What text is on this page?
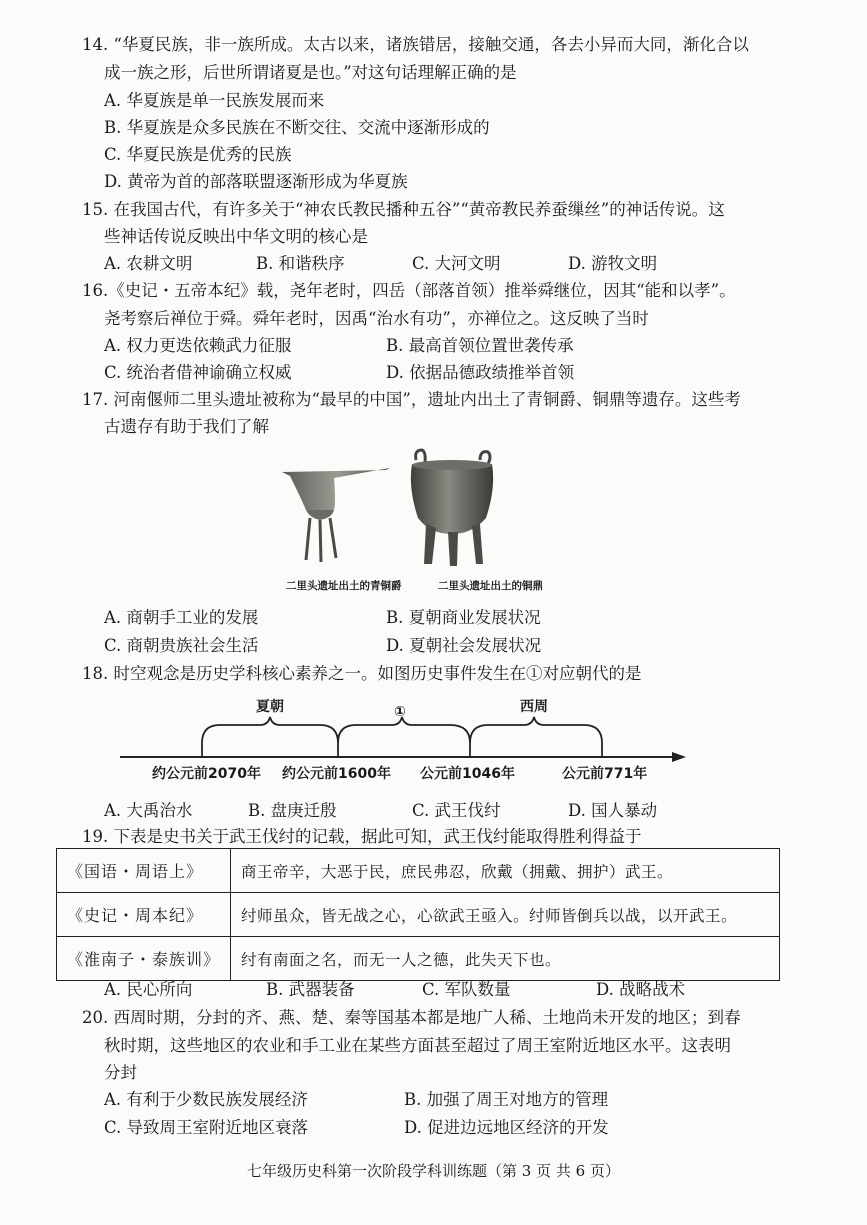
14. “华夏民族，非一族所成。太古以来，诸族错居，接触交通，各去小异而大同，渐化合以
成一族之形，后世所谓诸夏是也。”对这句话理解正确的是
A. 华夏族是单一民族发展而来
B. 华夏族是众多民族在不断交往、交流中逐渐形成的
C. 华夏民族是优秀的民族
D. 黄帝为首的部落联盟逐渐形成为华夏族
15. 在我国古代，有许多关于“神农氏教民播种五谷”“黄帝教民养蚕缫丝”的神话传说。这
些神话传说反映出中华文明的核心是
A. 农耕文明	B. 和谐秩序	C. 大河文明	D. 游牧文明
16.《史记・五帝本纪》载，尧年老时，四岳（部落首领）推举舜继位，因其“能和以孝”。
尧考察后禅位于舜。舜年老时，因禹“治水有功”，亦禅位之。这反映了当时
A. 权力更迭依赖武力征服	B. 最高首领位置世袭传承
C. 统治者借神谕确立权威	D. 依据品德政绩推举首领
17. 河南偃师二里头遗址被称为“最早的中国”，遗址内出土了青铜爵、铜鼎等遗存。这些考
古遗存有助于我们了解
二里头遗址出土的青铜爵	二里头遗址出土的铜鼎
A. 商朝手工业的发展	B. 夏朝商业发展状况
C. 商朝贵族社会生活	D. 夏朝社会发展状况
18. 时空观念是历史学科核心素养之一。如图历史事件发生在①对应朝代的是
夏朝	①	西周
约公元前2070年 约公元前1600年 公元前1046年	公元前771年
A. 大禹治水	B. 盘庚迁殷	C. 武王伐纣	D. 国人暴动
19. 下表是史书关于武王伐纣的记载，据此可知，武王伐纣能取得胜利得益于
《国语・周语上》	商王帝辛，大恶于民，庶民弗忍，欣戴（拥戴、拥护）武王。
《史记・周本纪》	纣师虽众，皆无战之心，心欲武王亟入。纣师皆倒兵以战，以开武王。
《淮南子・泰族训》	纣有南面之名，而无一人之德，此失天下也。
A. 民心所向	B. 武器装备	C. 军队数量	D. 战略战术
20. 西周时期，分封的齐、燕、楚、秦等国基本都是地广人稀、土地尚未开发的地区；到春
秋时期，这些地区的农业和手工业在某些方面甚至超过了周王室附近地区水平。这表明
分封
A. 有利于少数民族发展经济	B. 加强了周王对地方的管理
C. 导致周王室附近地区衰落	D. 促进边远地区经济的开发
七年级历史科第一次阶段学科训练题（第 3 页 共 6 页）
